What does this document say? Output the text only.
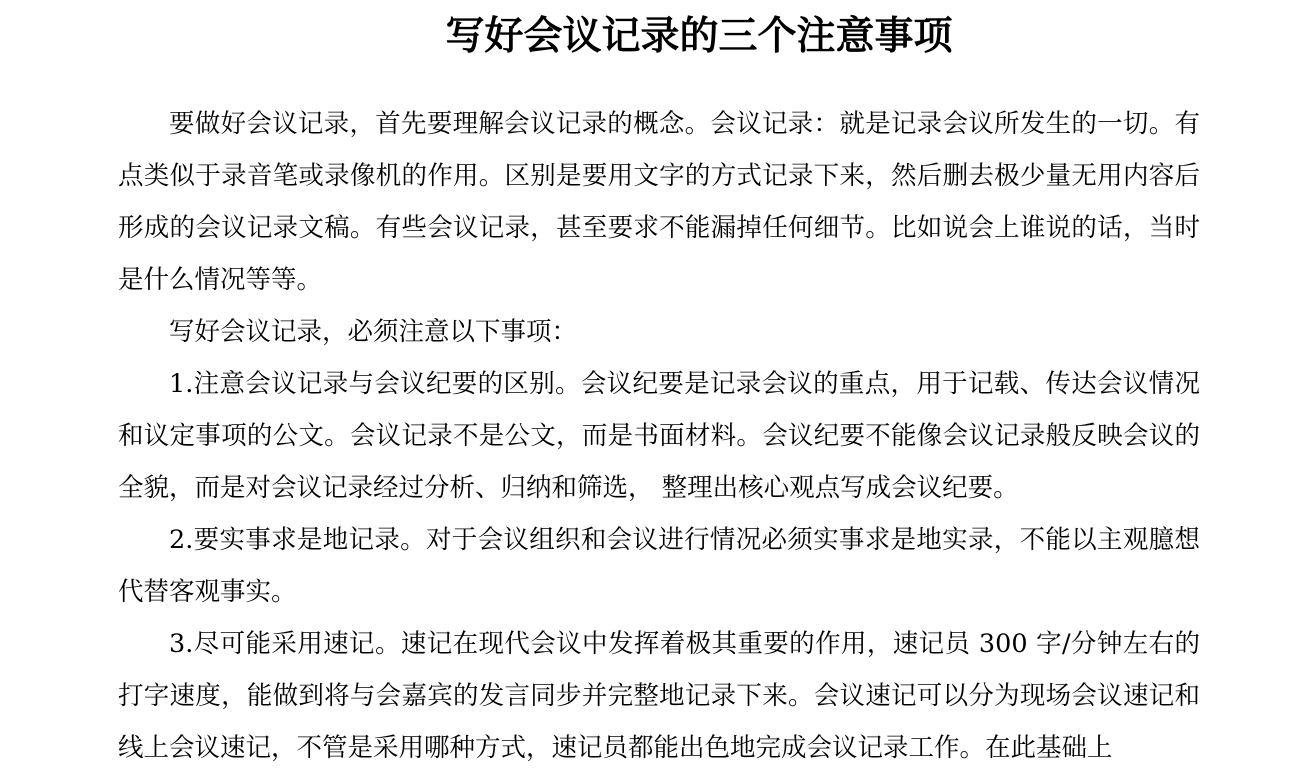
写好会议记录的三个注意事项

要做好会议记录，首先要理解会议记录的概念。会议记录：就是记录会议所发生的一切。有点类似于录音笔或录像机的作用。区别是要用文字的方式记录下来，然后删去极少量无用内容后形成的会议记录文稿。有些会议记录，甚至要求不能漏掉任何细节。比如说会上谁说的话，当时是什么情况等等。

写好会议记录，必须注意以下事项：

1.注意会议记录与会议纪要的区别。会议纪要是记录会议的重点，用于记载、传达会议情况和议定事项的公文。会议记录不是公文，而是书面材料。会议纪要不能像会议记录般反映会议的全貌，而是对会议记录经过分析、归纳和筛选， 整理出核心观点写成会议纪要。

2.要实事求是地记录。对于会议组织和会议进行情况必须实事求是地实录，不能以主观臆想代替客观事实。

3.尽可能采用速记。速记在现代会议中发挥着极其重要的作用，速记员 300 字/分钟左右的打字速度，能做到将与会嘉宾的发言同步并完整地记录下来。会议速记可以分为现场会议速记和线上会议速记，不管是采用哪种方式，速记员都能出色地完成会议记录工作。在此基础上
